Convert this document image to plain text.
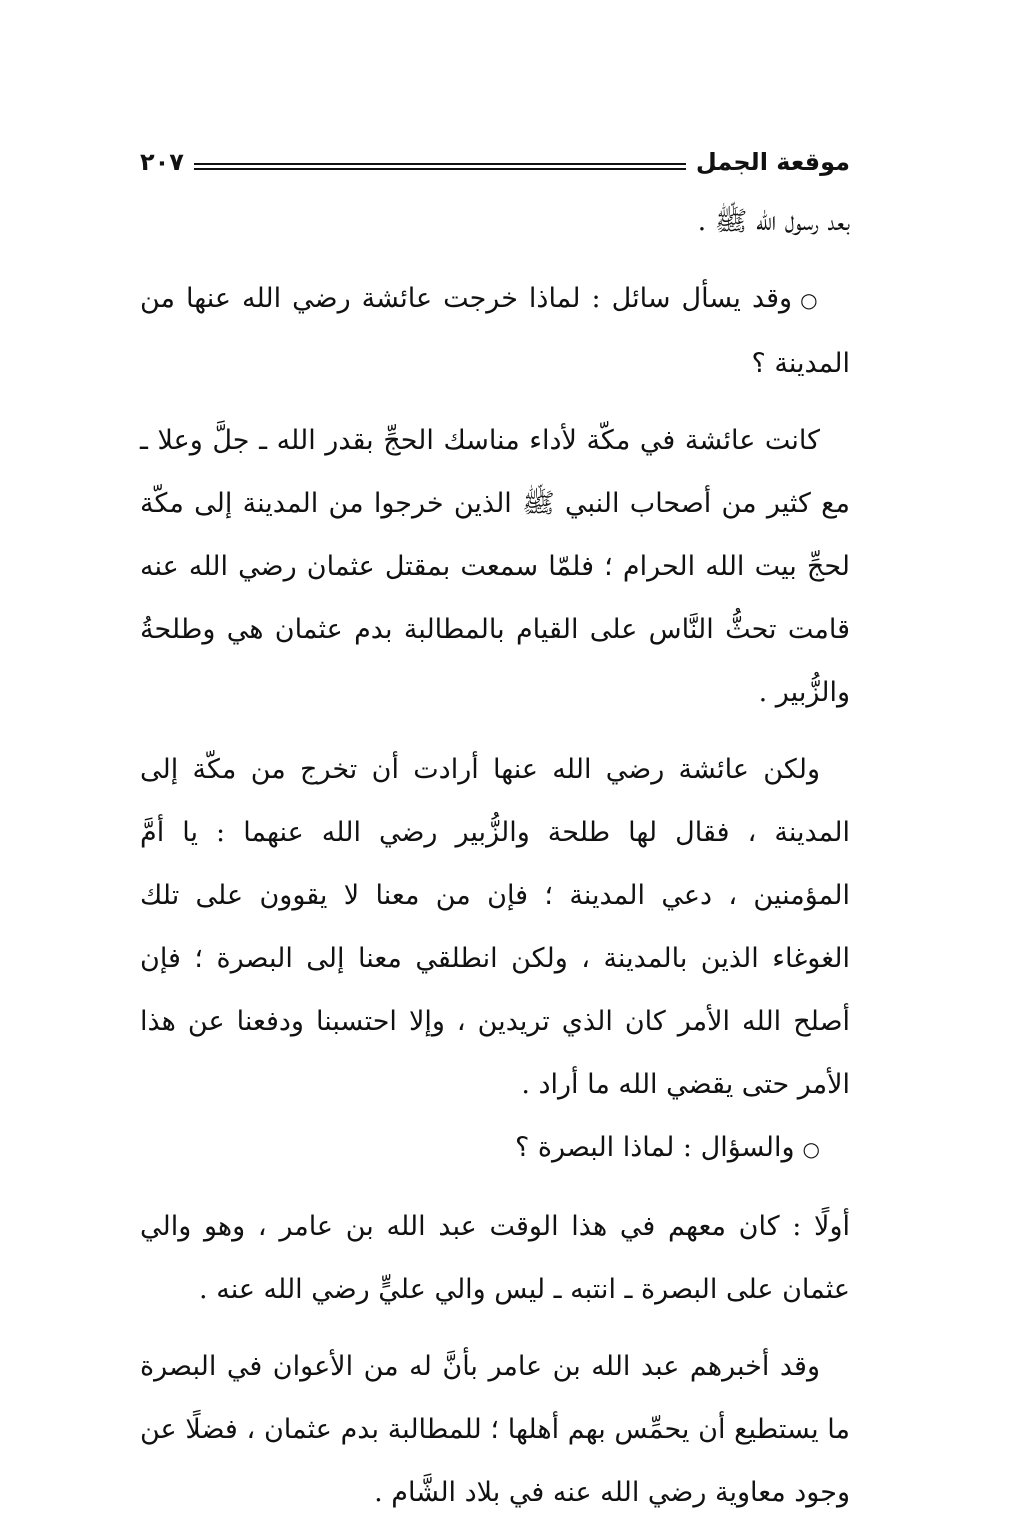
موقعة الجمل
٢٠٧

بعد رسول الله ﷺ .

○وقد يسأل سائل : لماذا خرجت عائشة رضي الله عنها من المدينة ؟

كانت عائشة في مكّة لأداء مناسك الحجِّ بقدر الله ـ جلَّ وعلا ـ مع كثير من أصحاب النبي ﷺ الذين خرجوا من المدينة إلى مكّة لحجِّ بيت الله الحرام ؛ فلمّا سمعت بمقتل عثمان رضي الله عنه قامت تحثُّ النَّاس على القيام بالمطالبة بدم عثمان هي وطلحةُ والزُّبير .

ولكن عائشة رضي الله عنها أرادت أن تخرج من مكّة إلى المدينة ، فقال لها طلحة والزُّبير رضي الله عنهما : يا أمَّ المؤمنين ، دعي المدينة ؛ فإن من معنا لا يقوون على تلك الغوغاء الذين بالمدينة ، ولكن انطلقي معنا إلى البصرة ؛ فإن أصلح الله الأمر كان الذي تريدين ، وإلا احتسبنا ودفعنا عن هذا الأمر حتى يقضي الله ما أراد .

○والسؤال : لماذا البصرة ؟

أولًا : كان معهم في هذا الوقت عبد الله بن عامر ، وهو والي عثمان على البصرة ـ انتبه ـ ليس والي عليٍّ رضي الله عنه .

وقد أخبرهم عبد الله بن عامر بأنَّ له من الأعوان في البصرة ما يستطيع أن يحمِّس بهم أهلها ؛ للمطالبة بدم عثمان ، فضلًا عن وجود معاوية رضي الله عنه في بلاد الشَّام .
